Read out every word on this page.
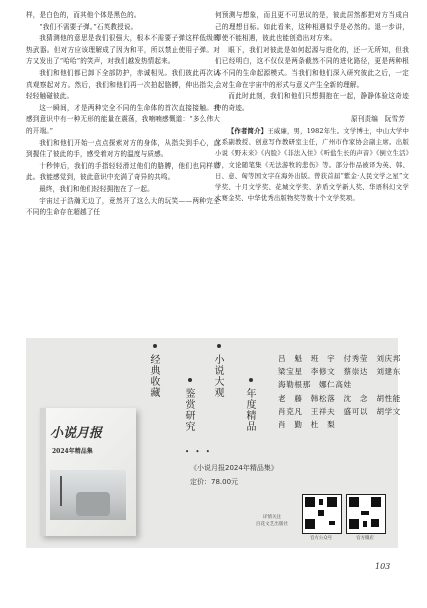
样，是白色的，而其他个体是黑色的。

“我们不需要子弹。”石英教授说。

我猜测他的意思是我们很强大，根本不需要子弹这样低级的热武器。但对方应该理解成了因为和平，所以禁止使用子弹。对方又发出了“哈哈”的笑声，对我们越发热情起来。

我们和他们都已卸下全部防护，赤诚相见。我们彼此再次认真观察起对方。然后，我们和他们再一次拍起胳膊，伸出指尖，轻轻触碰彼此。

这一瞬间，才是两种完全不同的生命体的首次直接接触。我感到意识中有一种无形的能量在震荡，我喃喃感慨道：“多么伟大的开端。”

我们和他们开始一点点探索对方的身体，从指尖到手心，直到握住了彼此的手，感受着对方的温度与质感。

十秒钟后，我们的手指轻轻滑过他们的胳膊，他们也同样如此。我能感觉到，彼此意识中充满了奇异的共鸣。

最终，我们和他们轻轻拥抱在了一起。

宇宙过于浩瀚无边了，竟然开了这么大的玩笑——两种完全不同的生命存在超越了任

何预测与想象，而且更不可思议的是，彼此居然都把对方当成自己的理想目标。如此看来，这种相遇似乎是必然的。退一步讲，即使不能相遇，彼此也能创造出对方来。

眼下，我们对彼此是如何起源与进化的，还一无所知，但我们已经明白，这不仅仅是两条截然不同的进化路径，更是两种根本不同的生命起源模式。当我们和他们深入研究彼此之后，一定会对生命在宇宙中的形式与意义产生全新的理解。

而此时此刻，我们和他们只想拥抱在一起，静静体验这奇迹中的奇迹。

原刊责编　阮雪芳

【作者简介】王威廉，男，1982年生。文学博士，中山大学中文系副教授、创意写作教研室主任，广州市作家协会副主席。出版小说《野未来》《内脸》《非法入住》《听盐生长的声音》《倒立生活》等，文论随笔集《无法游牧的悲伤》等。部分作品被译为英、韩、日、意、匈等国文字在海外出版。曾获首届“紫金·人民文学之星”文学奖、十月文学奖、花城文学奖、茅盾文学新人奖、华语科幻文学大赛金奖、中华优秀出版物奖等数十个文学奖项。

小说月报
2024年精品集
经典收藏
鉴赏研究
小说大观
年度精品
吕　魁　班　宇　付秀莹　刘庆邦
梁宝星　李修文　蔡崇达　刘建东
海勒根那　娜仁高娃
老　藤　韩松落　沈　念　胡性能
肖克凡　王祥夫　盛可以　胡学文
肖　勤　杜　梨
• • •
《小说月报2024年精品集》
定价：78.00元
详情关注
百花文艺出版社
官方公众号	官方微店
103
